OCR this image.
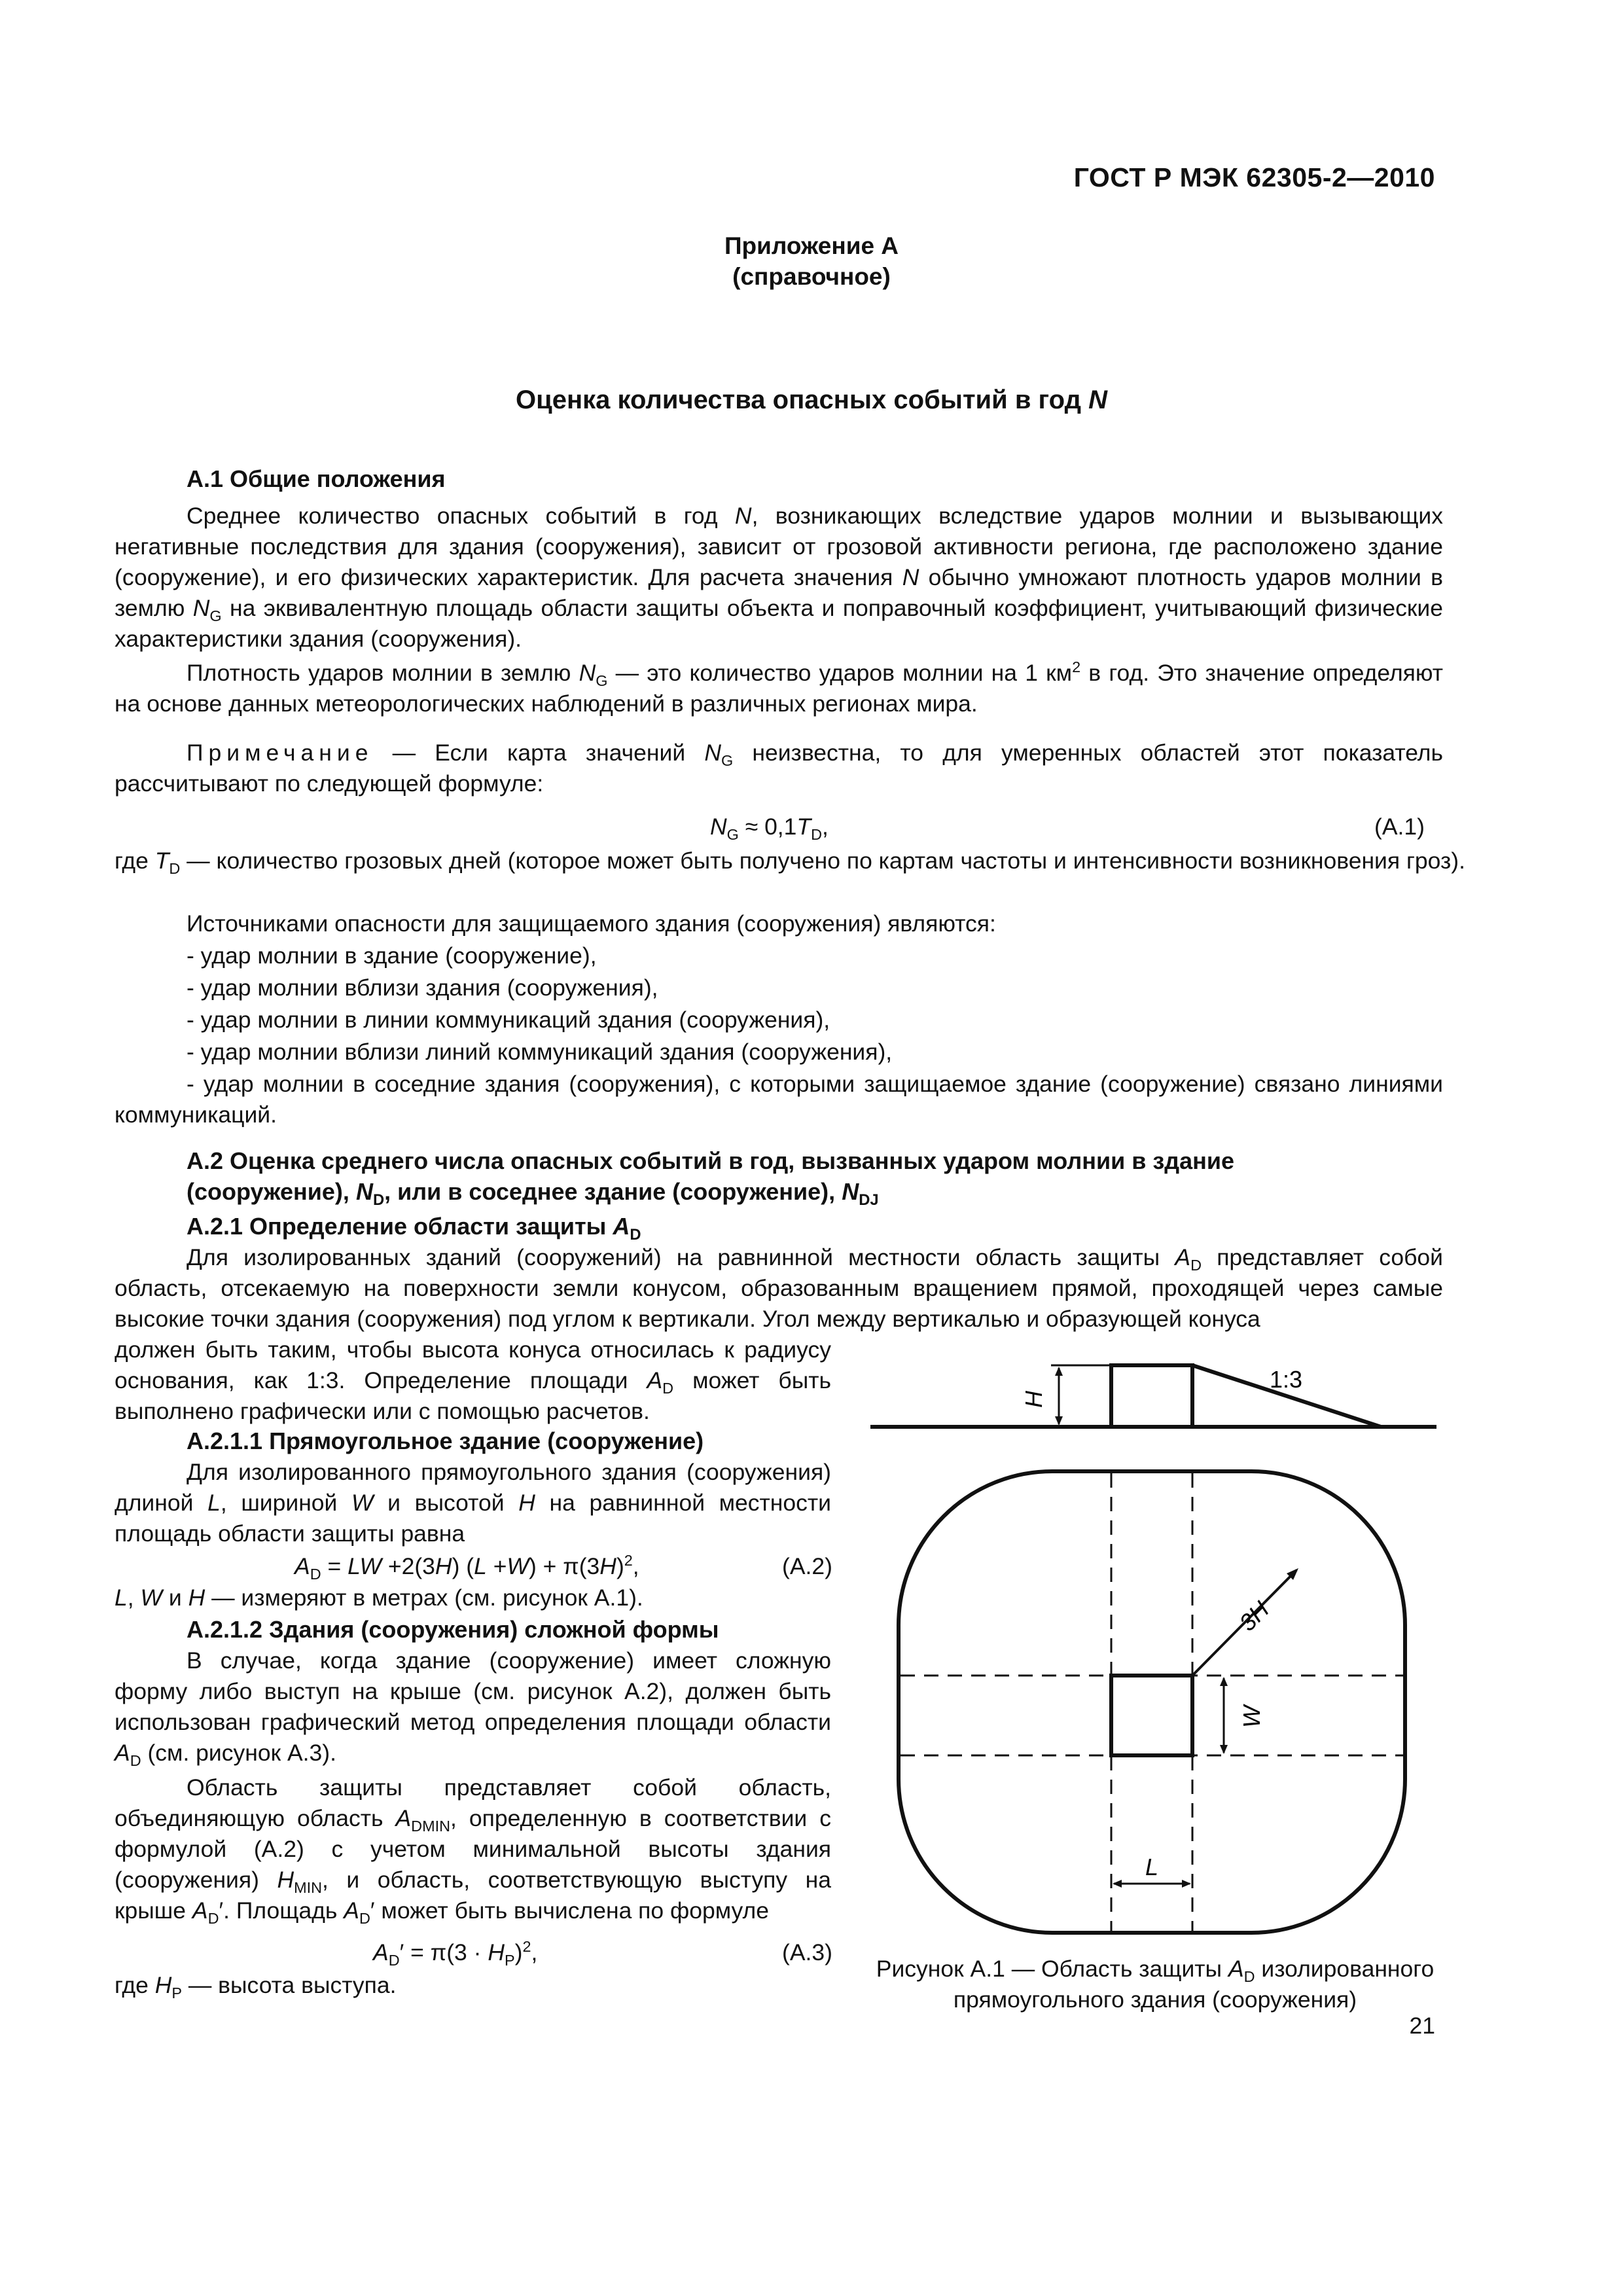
ГОСТ Р МЭК 62305-2—2010
Приложение А
(справочное)
Оценка количества опасных событий в год N
А.1 Общие положения
Среднее количество опасных событий в год N, возникающих вследствие ударов молнии и вызывающих негативные последствия для здания (сооружения), зависит от грозовой активности региона, где расположено здание (сооружение), и его физических характеристик. Для расчета значения N обычно умножают плотность ударов молнии в землю $N_G$ на эквивалентную площадь области защиты объекта и поправочный коэффициент, учитывающий физические характеристики здания (сооружения).
Плотность ударов молнии в землю $N_G$ — это количество ударов молнии на 1 $км^2$ в год. Это значение определяют на основе данных метеорологических наблюдений в различных регионах мира.
Примечание — Если карта значений $N_G$ неизвестна, то для умеренных областей этот показатель рассчитывают по следующей формуле:
$N_G \approx 0,1T_D$,	(А.1)
где $T_D$ — количество грозовых дней (которое может быть получено по картам частоты и интенсивности возникновения гроз).
Источниками опасности для защищаемого здания (сооружения) являются:
- удар молнии в здание (сооружение),
- удар молнии вблизи здания (сооружения),
- удар молнии в линии коммуникаций здания (сооружения),
- удар молнии вблизи линий коммуникаций здания (сооружения),
- удар молнии в соседние здания (сооружения), с которыми защищаемое здание (сооружение) связано линиями коммуникаций.
А.2 Оценка среднего числа опасных событий в год, вызванных ударом молнии в здание (сооружение), $N_D$, или в соседнее здание (сооружение), $N_{DJ}$
А.2.1 Определение области защиты $A_D$
Для изолированных зданий (сооружений) на равнинной местности область защиты $A_D$ представляет собой область, отсекаемую на поверхности земли конусом, образованным вращением прямой, проходящей через самые высокие точки здания (сооружения) под углом к вертикали. Угол между вертикалью и образующей конуса
должен быть таким, чтобы высота конуса относилась к радиусу основания, как 1:3. Определение площади $A_D$ может быть выполнено графически или с помощью расчетов.
А.2.1.1 Прямоугольное здание (сооружение)
Для изолированного прямоугольного здания (сооружения) длиной L, шириной W и высотой H на равнинной местности площадь области защиты равна
$A_D$ = LW +2(3H) $(L +W) + \pi(3H)^2$,	(А.2)
L, W и H — измеряют в метрах (см. рисунок А.1).
А.2.1.2 Здания (сооружения) сложной формы
В случае, когда здание (сооружение) имеет сложную форму либо выступ на крыше (см. рисунок А.2), должен быть использован графический метод определения площади области $A_D$ (см. рисунок А.3).
Область защиты представляет собой область, объединяющую область $A_{DMIN}$, определенную в соответствии с формулой (А.2) с учетом минимальной высоты здания (сооружения) $H_{MIN}$, и область, соответствующую выступу на крыше $A_D'$. Площадь $A_D'$ может быть вычислена по формуле
$A_D' = \pi(3 \cdot H_P)^2$,	(А.3)
где $H_P$ — высота выступа.
H
1:3
3H
W
L
Рисунок А.1 — Область защиты $A_D$ изолированного прямоугольного здания (сооружения)
21
